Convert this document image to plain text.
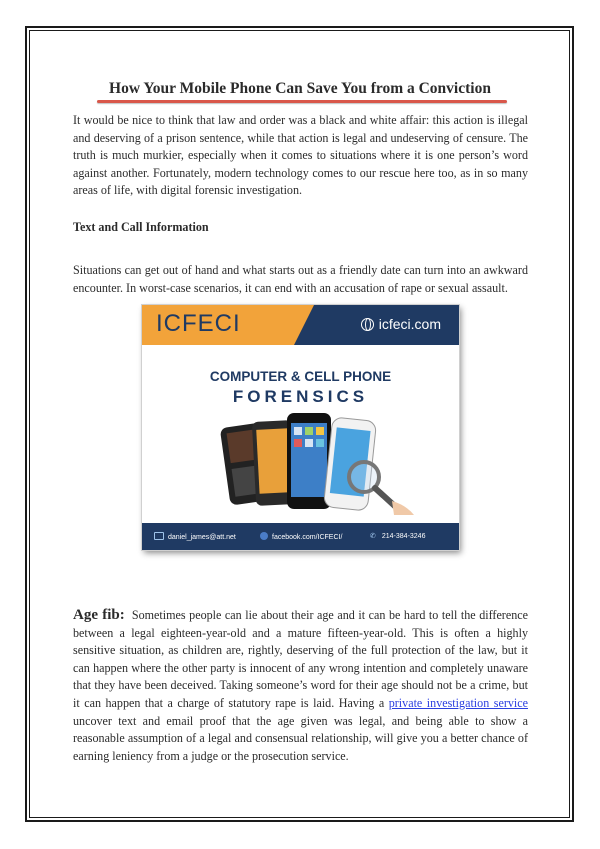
How Your Mobile Phone Can Save You from a Conviction

It would be nice to think that law and order was a black and white affair: this action is illegal and deserving of a prison sentence, while that action is legal and undeserving of censure. The truth is much murkier, especially when it comes to situations where it is one person’s word against another. Fortunately, modern technology comes to our rescue here too, as in so many areas of life, with digital forensic investigation.

Text and Call Information

Situations can get out of hand and what starts out as a friendly date can turn into an awkward encounter. In worst-case scenarios, it can end with an accusation of rape or sexual assault.

ICFECI	icfeci.com
COMPUTER & CELL PHONE
FORENSICS
daniel_james@att.net	facebook.com/ICFECI/	✆ 214-384-3246

Age fib: Sometimes people can lie about their age and it can be hard to tell the difference between a legal eighteen-year-old and a mature fifteen-year-old. This is often a highly sensitive situation, as children are, rightly, deserving of the full protection of the law, but it can happen where the other party is innocent of any wrong intention and completely unaware that they have been deceived. Taking someone’s word for their age should not be a crime, but it can happen that a charge of statutory rape is laid. Having a private investigation service uncover text and email proof that the age given was legal, and being able to show a reasonable assumption of a legal and consensual relationship, will give you a better chance of earning leniency from a judge or the prosecution service.
